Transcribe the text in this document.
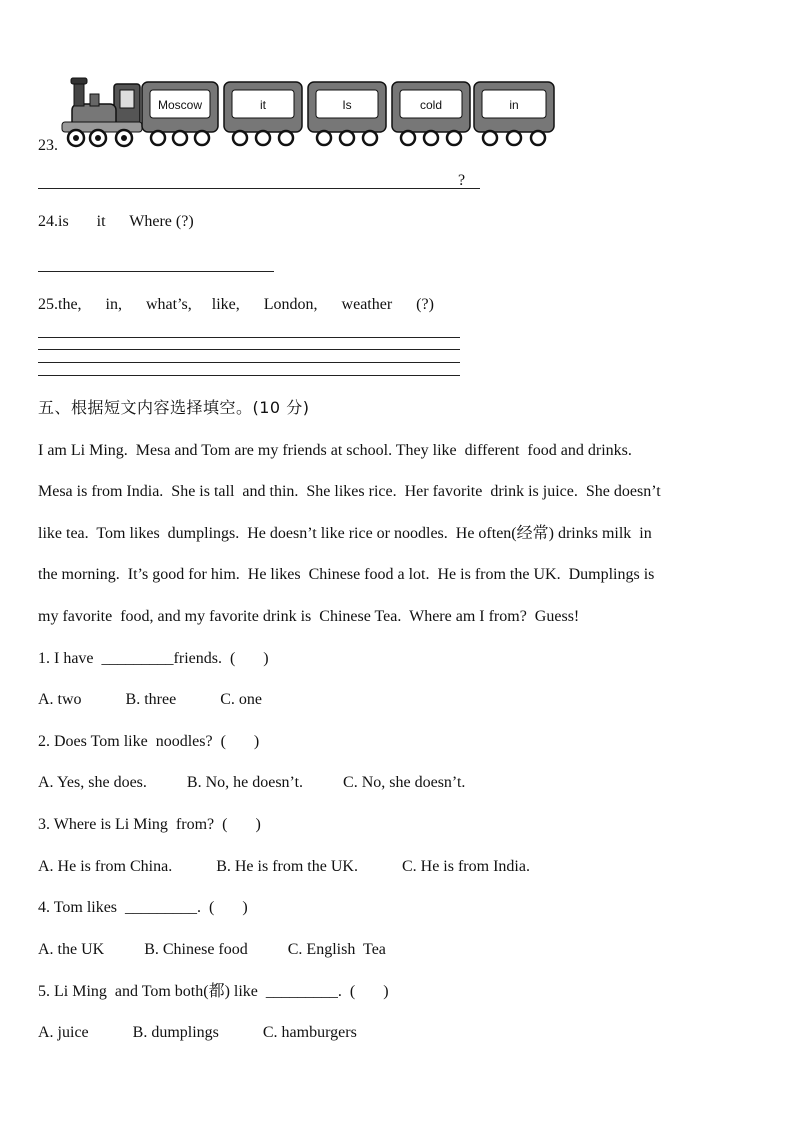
23.
Moscow	it	Is	cold	in
?
24.is       it      Where (?)
25.the,      in,      what’s,     like,      London,      weather      (?)
五、根据短文内容选择填空。(10 分)
I am Li Ming.  Mesa and Tom are my friends at school. They like  different  food and drinks.
Mesa is from India.  She is tall  and thin.  She likes rice.  Her favorite  drink is juice.  She doesn’t
like tea.  Tom likes  dumplings.  He doesn’t like rice or noodles.  He often(经常) drinks milk  in
the morning.  It’s good for him.  He likes  Chinese food a lot.  He is from the UK.  Dumplings is
my favorite  food, and my favorite drink is  Chinese Tea.  Where am I from?  Guess!
1. I have  _________friends.  (       )
A. two           B. three           C. one
2. Does Tom like  noodles?  (       )
A. Yes, she does.          B. No, he doesn’t.          C. No, she doesn’t.
3. Where is Li Ming  from?  (       )
A. He is from China.           B. He is from the UK.           C. He is from India.
4. Tom likes  _________.  (       )
A. the UK          B. Chinese food          C. English  Tea
5. Li Ming  and Tom both(都) like  _________.  (       )
A. juice           B. dumplings           C. hamburgers
